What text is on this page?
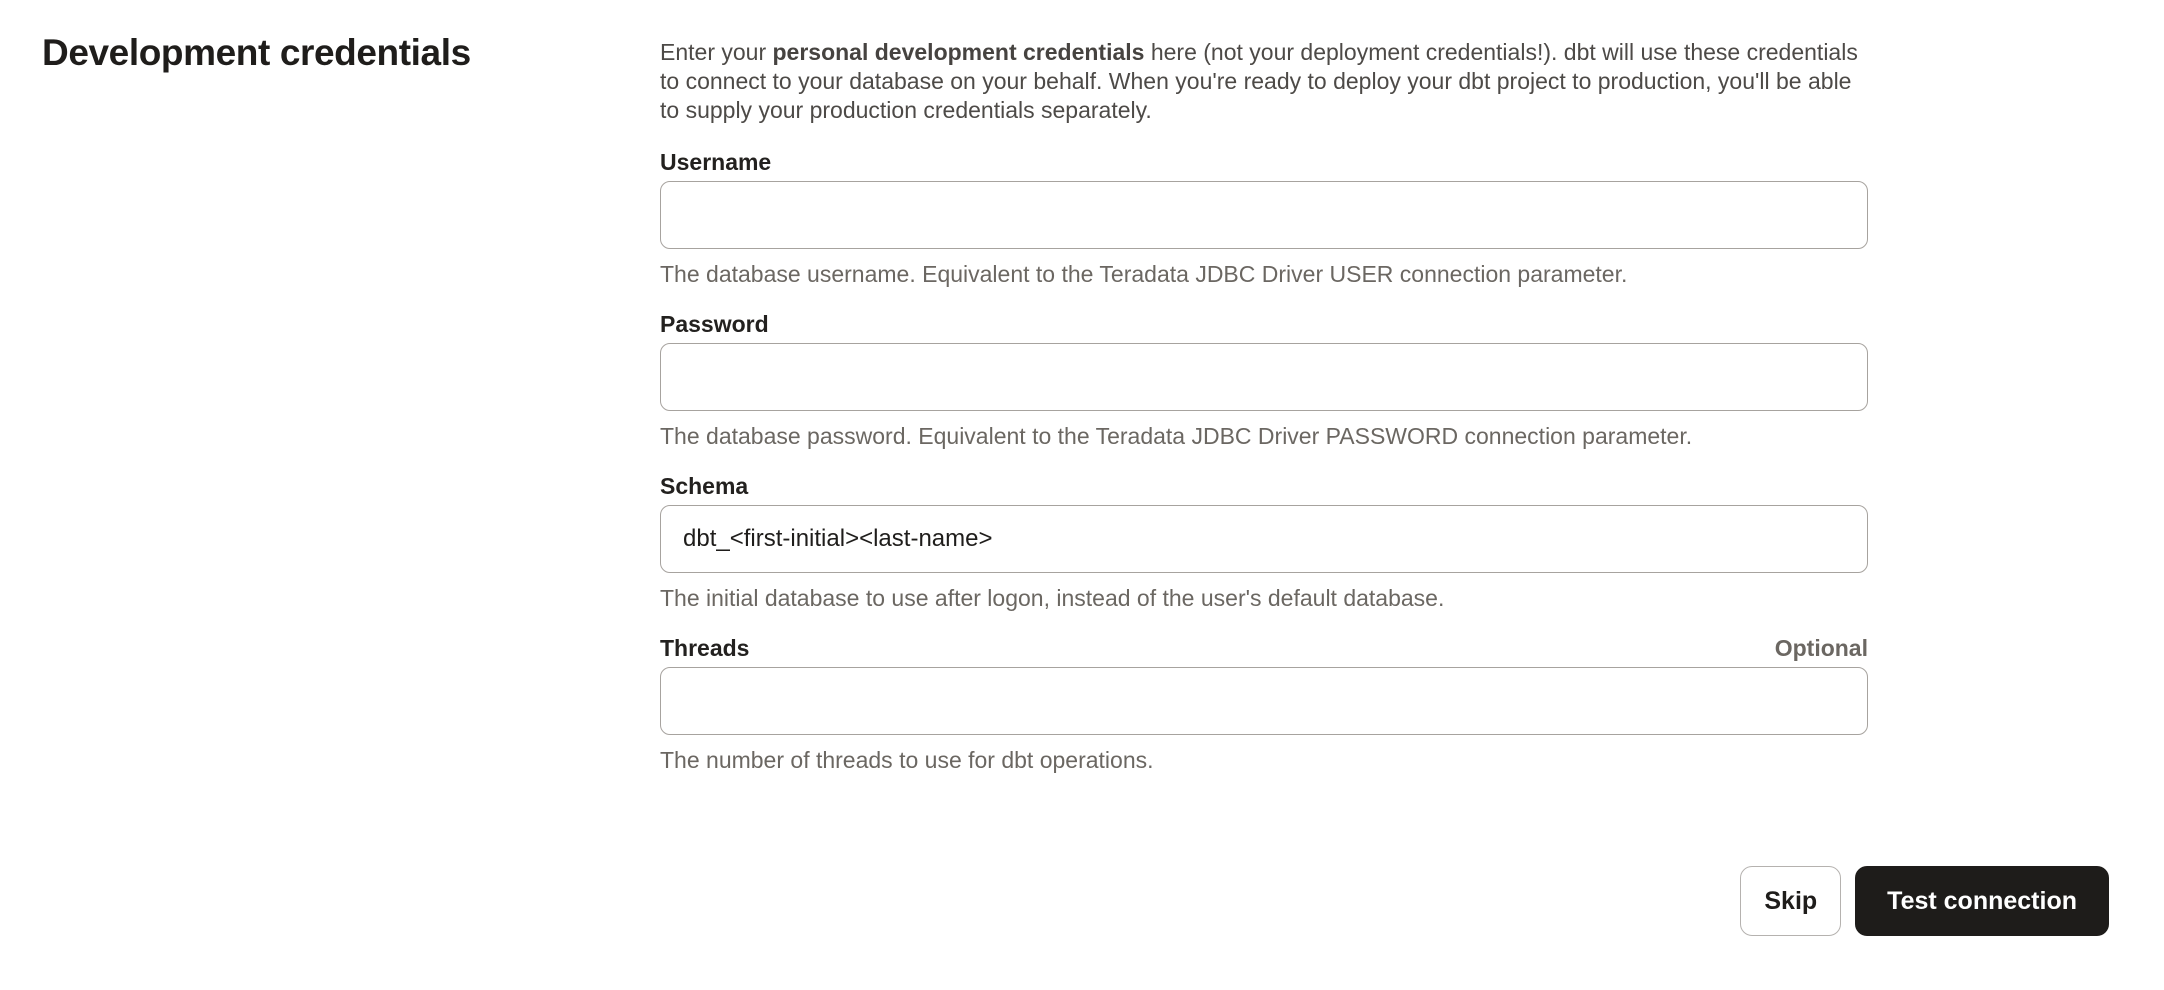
Development credentials	Enter your personal development credentials here (not your deployment credentials!). dbt will use these credentials to connect to your database on your behalf. When you're ready to deploy your dbt project to production, you'll be able to supply your production credentials separately.

Username
The database username. Equivalent to the Teradata JDBC Driver USER connection parameter.
Password
The database password. Equivalent to the Teradata JDBC Driver PASSWORD connection parameter.
Schema
dbt_<first-initial><last-name>
The initial database to use after logon, instead of the user's default database.
Threads	Optional
The number of threads to use for dbt operations.
Skip	Test connection
